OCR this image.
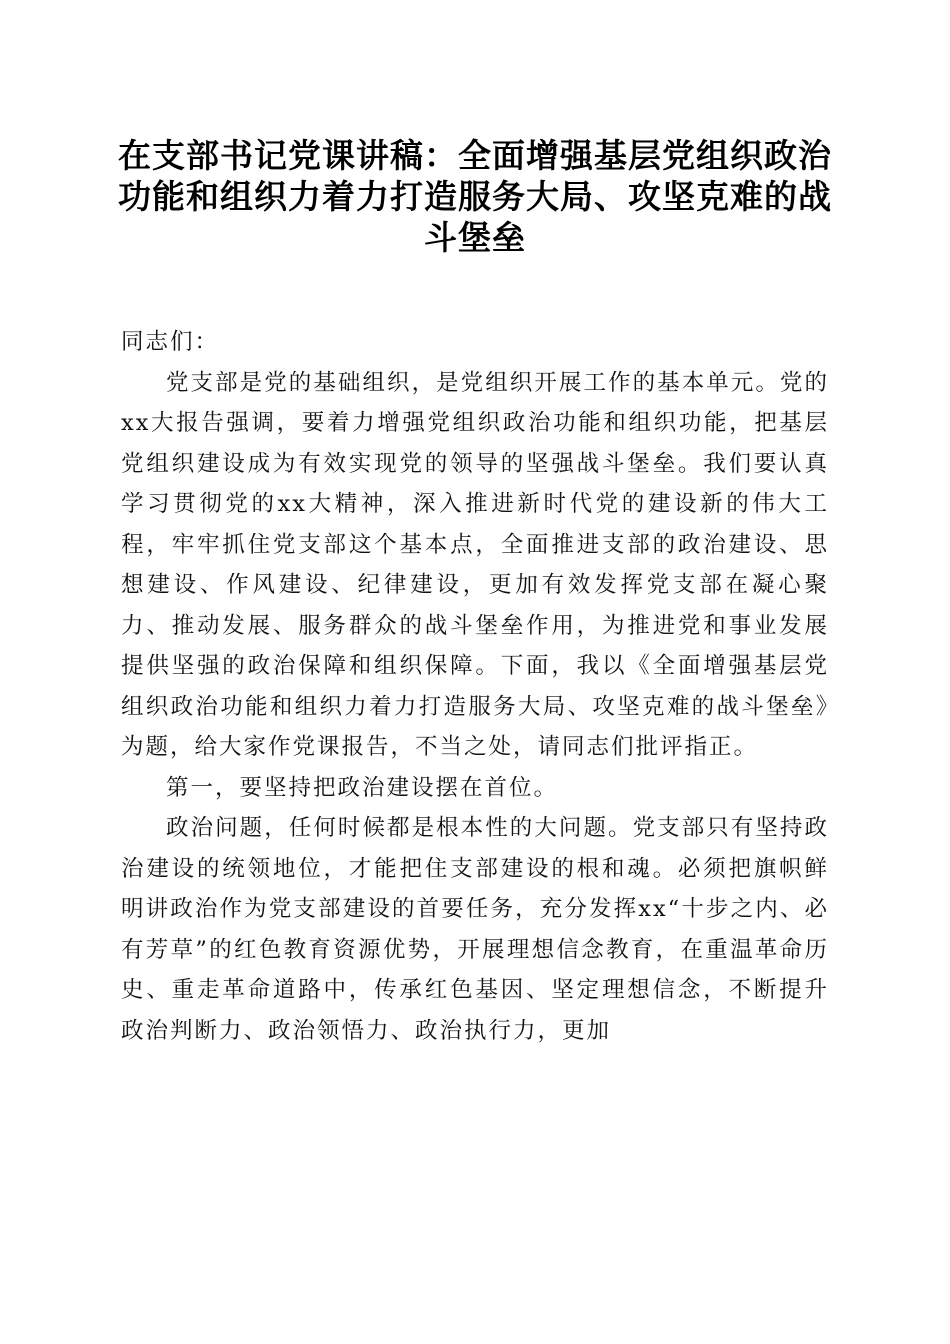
在支部书记党课讲稿：全面增强基层党组织政治功能和组织力着力打造服务大局、攻坚克难的战斗堡垒

同志们：

党支部是党的基础组织，是党组织开展工作的基本单元。党的xx大报告强调，要着力增强党组织政治功能和组织功能，把基层党组织建设成为有效实现党的领导的坚强战斗堡垒。我们要认真学习贯彻党的xx大精神，深入推进新时代党的建设新的伟大工程，牢牢抓住党支部这个基本点，全面推进支部的政治建设、思想建设、作风建设、纪律建设，更加有效发挥党支部在凝心聚力、推动发展、服务群众的战斗堡垒作用，为推进党和事业发展提供坚强的政治保障和组织保障。下面，我以《全面增强基层党组织政治功能和组织力着力打造服务大局、攻坚克难的战斗堡垒》为题，给大家作党课报告，不当之处，请同志们批评指正。

第一，要坚持把政治建设摆在首位。

政治问题，任何时候都是根本性的大问题。党支部只有坚持政治建设的统领地位，才能把住支部建设的根和魂。必须把旗帜鲜明讲政治作为党支部建设的首要任务，充分发挥xx“十步之内、必有芳草”的红色教育资源优势，开展理想信念教育，在重温革命历史、重走革命道路中，传承红色基因、坚定理想信念，不断提升政治判断力、政治领悟力、政治执行力，更加
